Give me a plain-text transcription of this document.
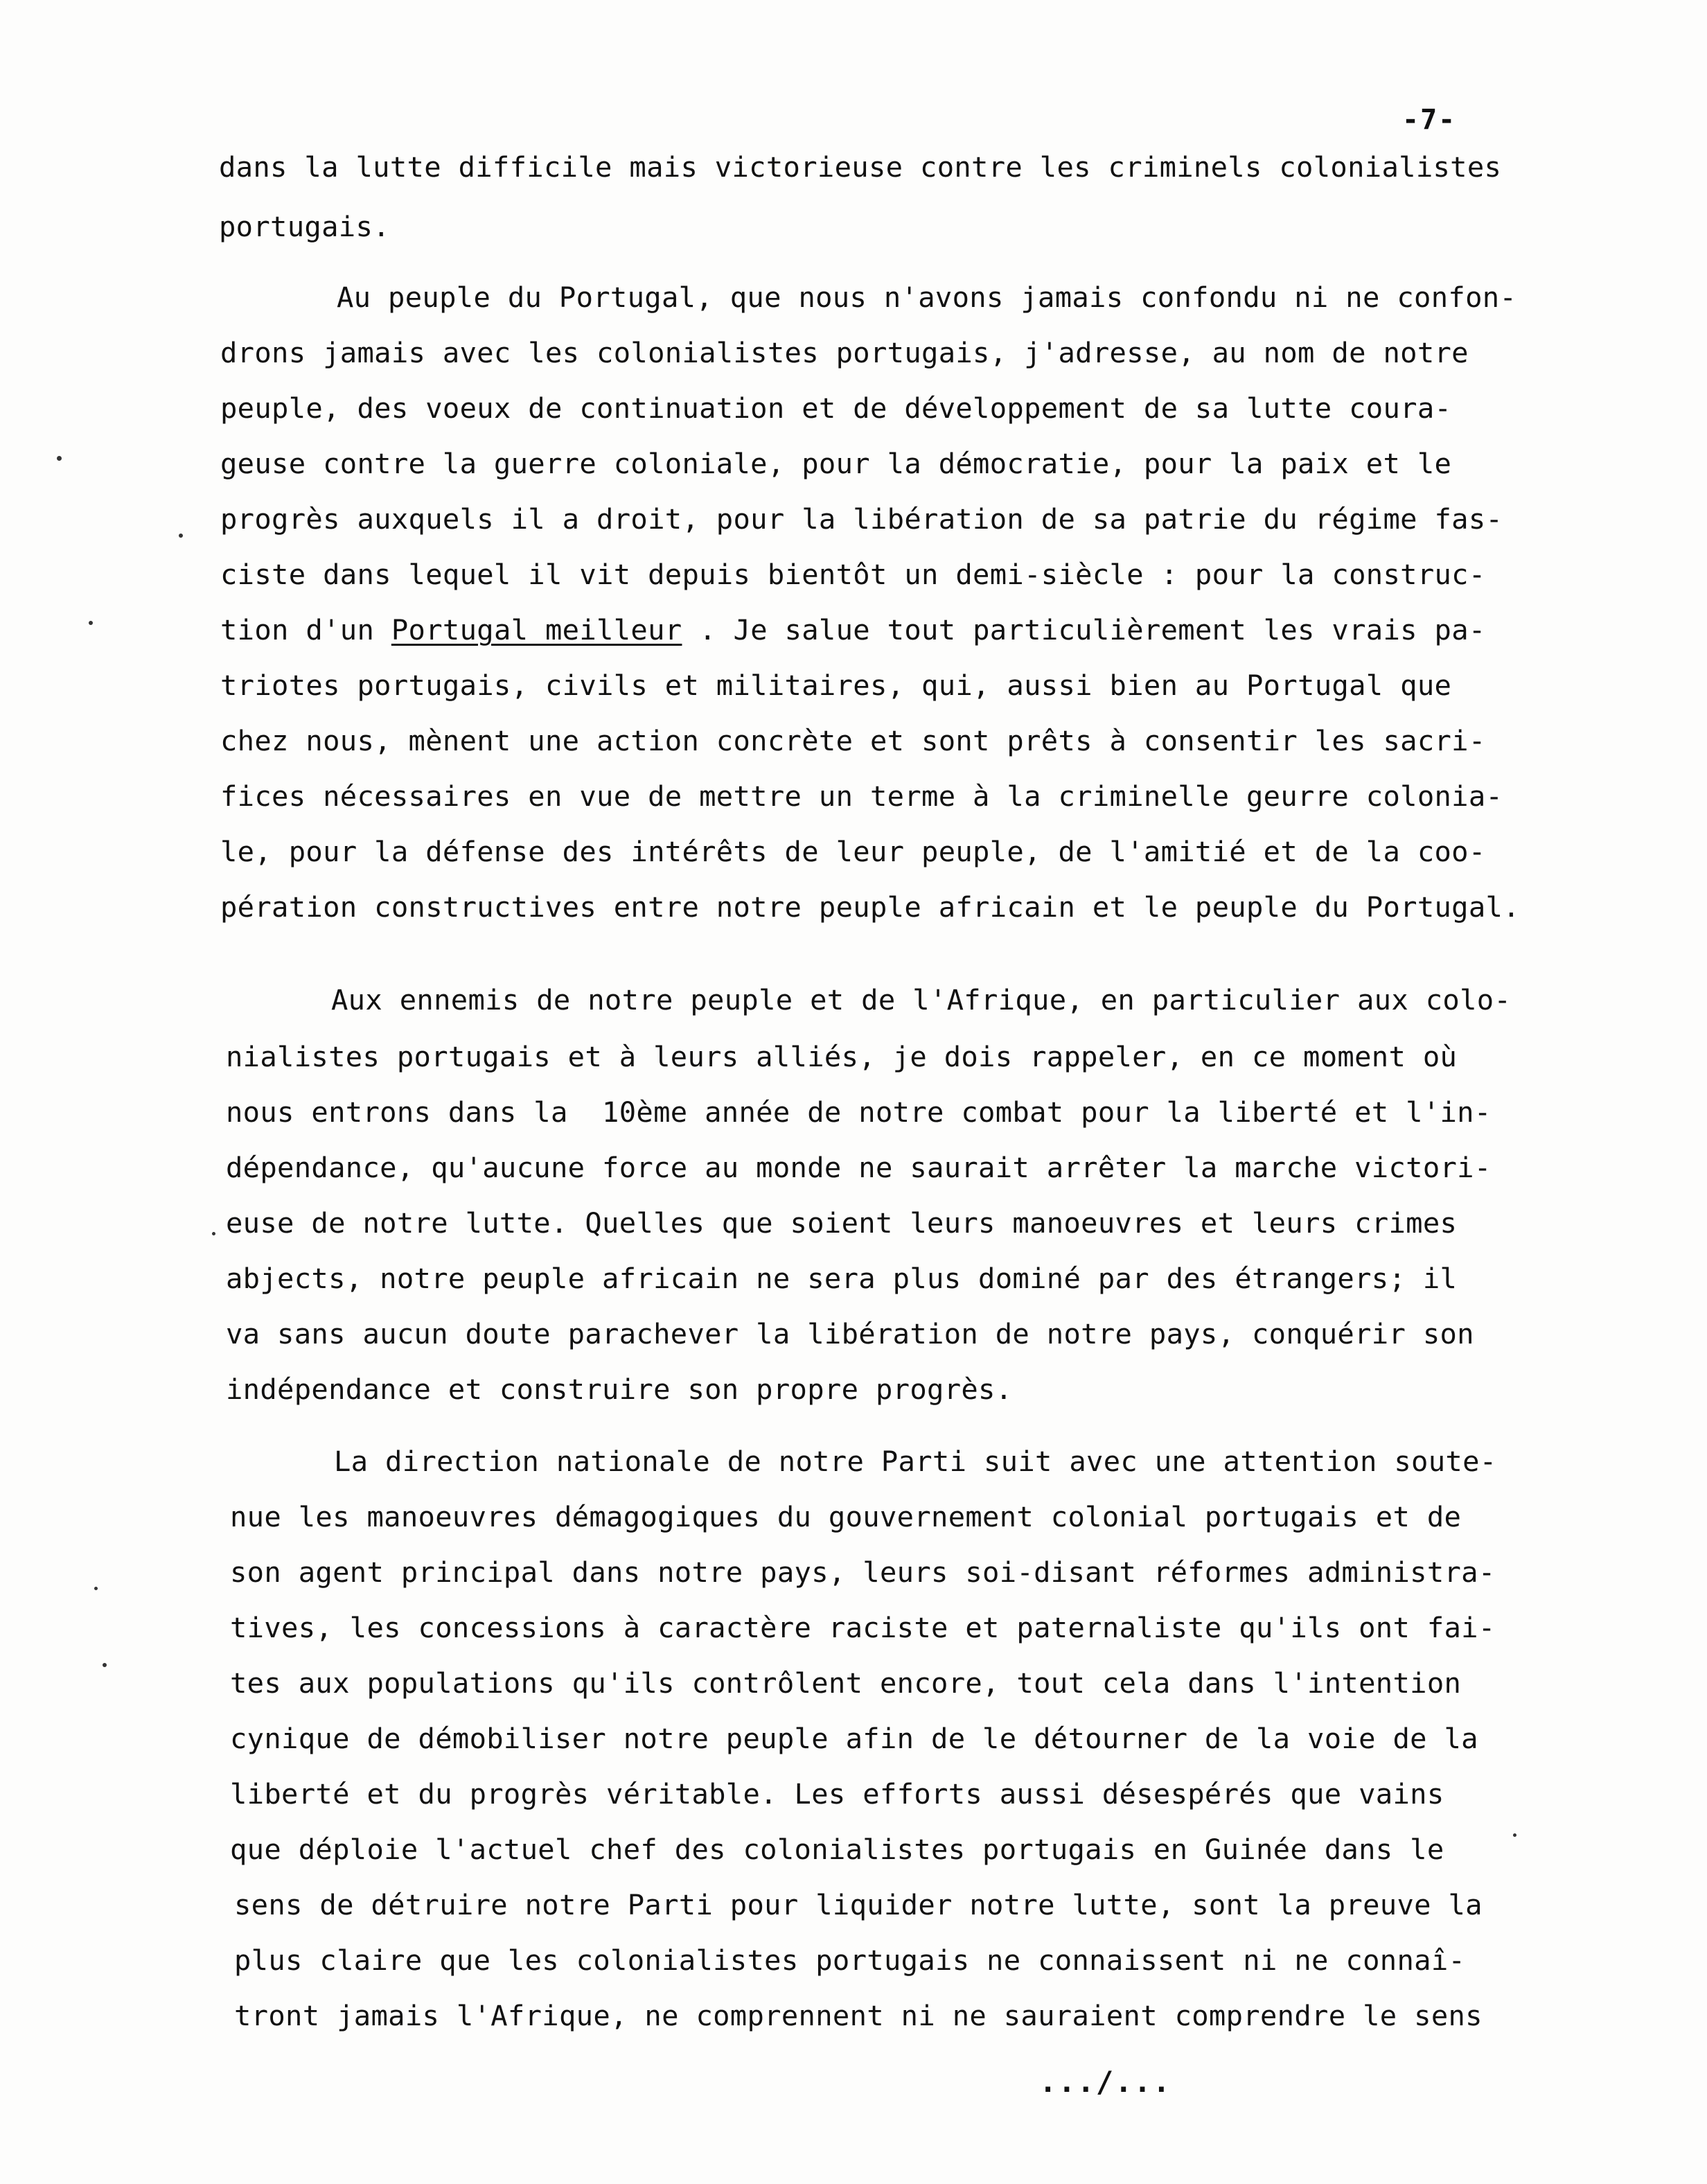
-7-
dans la lutte difficile mais victorieuse contre les criminels colonialistes
portugais.
Au peuple du Portugal, que nous n'avons jamais confondu ni ne confon-
drons jamais avec les colonialistes portugais, j'adresse, au nom de notre
peuple, des voeux de continuation et de développement de sa lutte coura-
geuse contre la guerre coloniale, pour la démocratie, pour la paix et le
progrès auxquels il a droit, pour la libération de sa patrie du régime fas-
ciste dans lequel il vit depuis bientôt un demi-siècle : pour la construc-
tion d'un Portugal meilleur . Je salue tout particulièrement les vrais pa-
triotes portugais, civils et militaires, qui, aussi bien au Portugal que
chez nous, mènent une action concrète et sont prêts à consentir les sacri-
fices nécessaires en vue de mettre un terme à la criminelle geurre colonia-
le, pour la défense des intérêts de leur peuple, de l'amitié et de la coo-
pération constructives entre notre peuple africain et le peuple du Portugal.
Aux ennemis de notre peuple et de l'Afrique, en particulier aux colo-
nialistes portugais et à leurs alliés, je dois rappeler, en ce moment où
nous entrons dans la  10ème année de notre combat pour la liberté et l'in-
dépendance, qu'aucune force au monde ne saurait arrêter la marche victori-
euse de notre lutte. Quelles que soient leurs manoeuvres et leurs crimes
abjects, notre peuple africain ne sera plus dominé par des étrangers; il
va sans aucun doute parachever la libération de notre pays, conquérir son
indépendance et construire son propre progrès.
La direction nationale de notre Parti suit avec une attention soute-
nue les manoeuvres démagogiques du gouvernement colonial portugais et de
son agent principal dans notre pays, leurs soi-disant réformes administra-
tives, les concessions à caractère raciste et paternaliste qu'ils ont fai-
tes aux populations qu'ils contrôlent encore, tout cela dans l'intention
cynique de démobiliser notre peuple afin de le détourner de la voie de la
liberté et du progrès véritable. Les efforts aussi désespérés que vains
que déploie l'actuel chef des colonialistes portugais en Guinée dans le
sens de détruire notre Parti pour liquider notre lutte, sont la preuve la
plus claire que les colonialistes portugais ne connaissent ni ne connaî-
tront jamais l'Afrique, ne comprennent ni ne sauraient comprendre le sens
.../...
